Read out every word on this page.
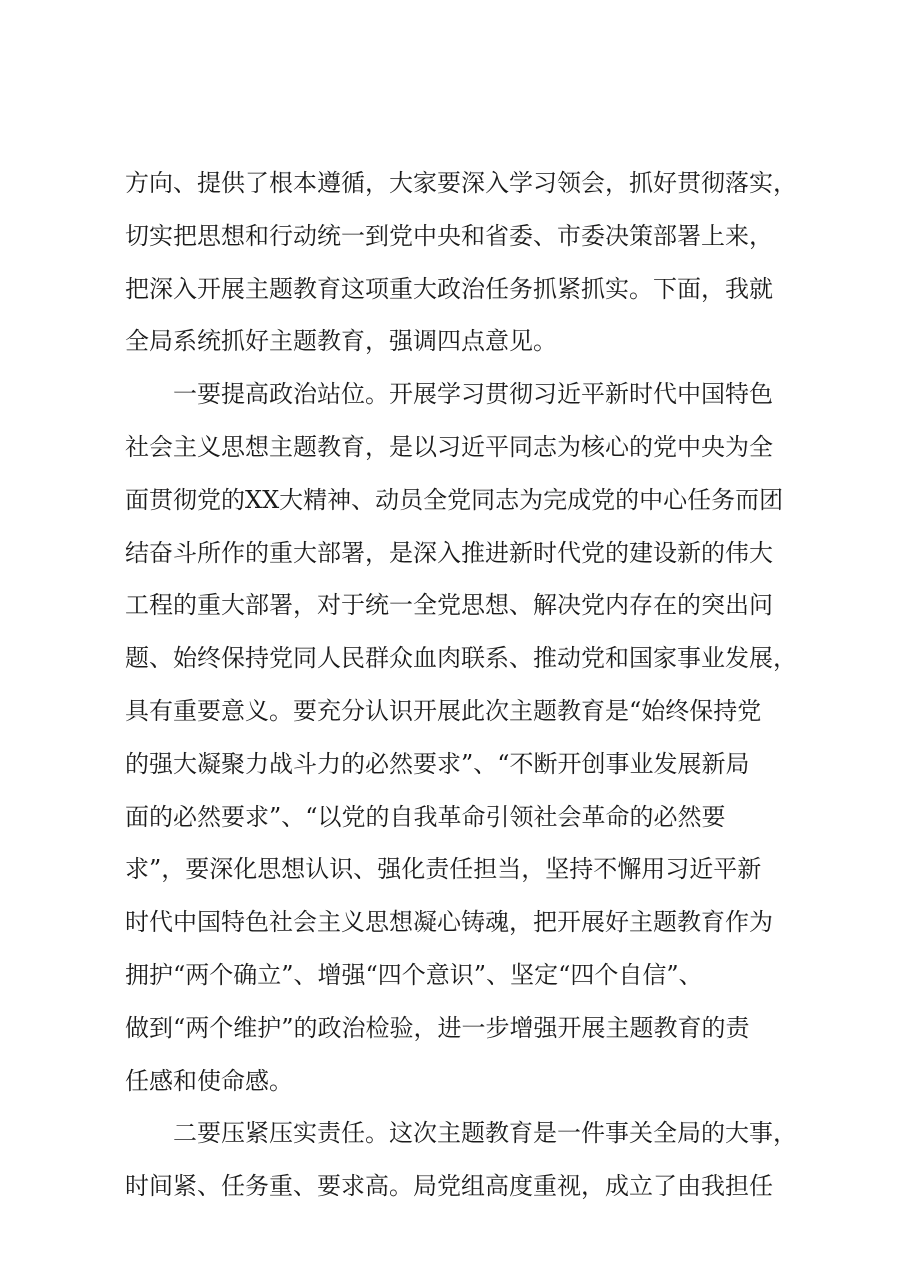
方向、提供了根本遵循，大家要深入学习领会，抓好贯彻落实，
切实把思想和行动统一到党中央和省委、市委决策部署上来，
把深入开展主题教育这项重大政治任务抓紧抓实。下面，我就
全局系统抓好主题教育，强调四点意见。
一要提高政治站位。开展学习贯彻习近平新时代中国特色
社会主义思想主题教育，是以习近平同志为核心的党中央为全
面贯彻党的XX大精神、动员全党同志为完成党的中心任务而团
结奋斗所作的重大部署，是深入推进新时代党的建设新的伟大
工程的重大部署，对于统一全党思想、解决党内存在的突出问
题、始终保持党同人民群众血肉联系、推动党和国家事业发展，
具有重要意义。要充分认识开展此次主题教育是“始终保持党
的强大凝聚力战斗力的必然要求”、“不断开创事业发展新局
面的必然要求”、“以党的自我革命引领社会革命的必然要
求”，要深化思想认识、强化责任担当，坚持不懈用习近平新
时代中国特色社会主义思想凝心铸魂，把开展好主题教育作为
拥护“两个确立”、增强“四个意识”、坚定“四个自信”、
做到“两个维护”的政治检验，进一步增强开展主题教育的责
任感和使命感。
二要压紧压实责任。这次主题教育是一件事关全局的大事，
时间紧、任务重、要求高。局党组高度重视，成立了由我担任
